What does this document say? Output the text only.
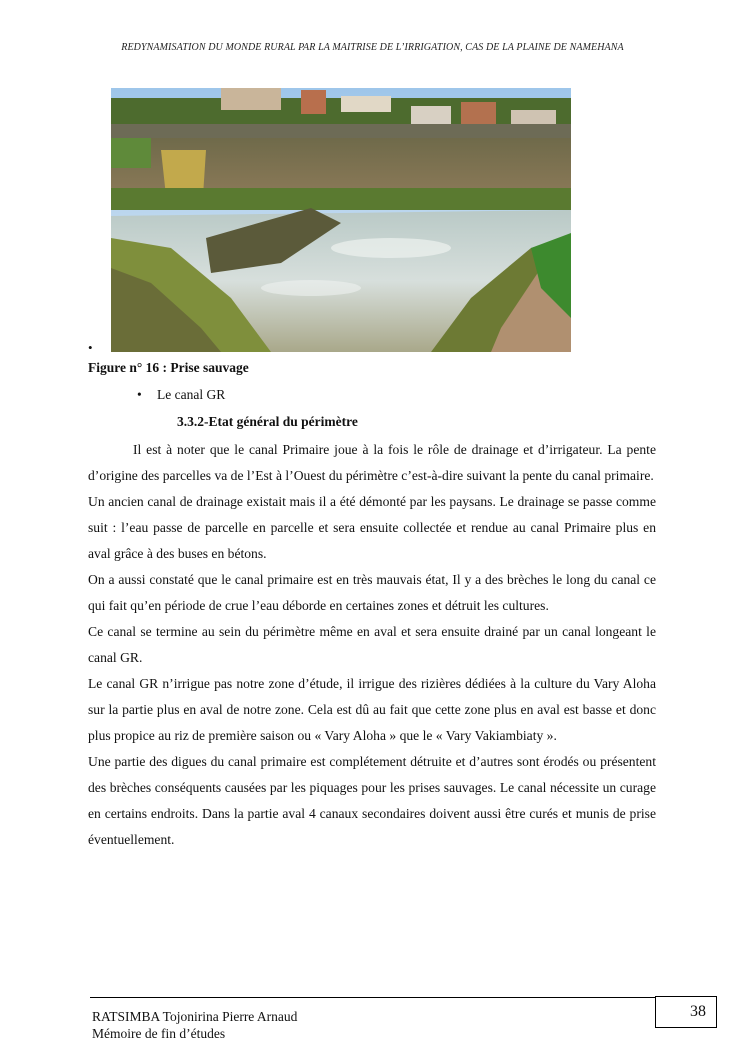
REDYNAMISATION DU MONDE RURAL PAR LA MAITRISE DE L’IRRIGATION, CAS DE LA PLAINE DE NAMEHANA
•
Figure n° 16 : Prise sauvage
• Le canal GR
3.3.2-Etat général du périmètre

Il est à noter que le canal Primaire joue à la fois le rôle de drainage et d’irrigateur. La pente d’origine des parcelles va de l’Est à l’Ouest du périmètre c’est-à-dire suivant la pente du canal primaire.

Un ancien canal de drainage existait mais il a été démonté par les paysans. Le drainage se passe comme suit : l’eau passe de parcelle en parcelle et sera ensuite collectée et rendue au canal Primaire plus en aval grâce à des buses en bétons.

On a aussi constaté que le canal primaire est en très mauvais état, Il y a des brèches le long du canal ce qui fait qu’en période de crue l’eau déborde en certaines zones et détruit les cultures.

Ce canal se termine au sein du périmètre même en aval et sera ensuite drainé par un canal longeant le canal GR.

Le canal GR n’irrigue pas notre zone d’étude, il irrigue des rizières dédiées à la culture du Vary Aloha sur la partie plus en aval de notre zone. Cela est dû au fait que cette zone plus en aval est basse et donc plus propice au riz de première saison ou « Vary Aloha » que le « Vary Vakiambiaty ».

Une partie des digues du canal primaire est complétement détruite et d’autres sont érodés ou présentent des brèches conséquents causées par les piquages pour les prises sauvages. Le canal nécessite un curage en certains endroits. Dans la partie aval 4 canaux secondaires doivent aussi être curés et munis de prise éventuellement.

RATSIMBA Tojonirina Pierre Arnaud
Mémoire de fin d’études
38
